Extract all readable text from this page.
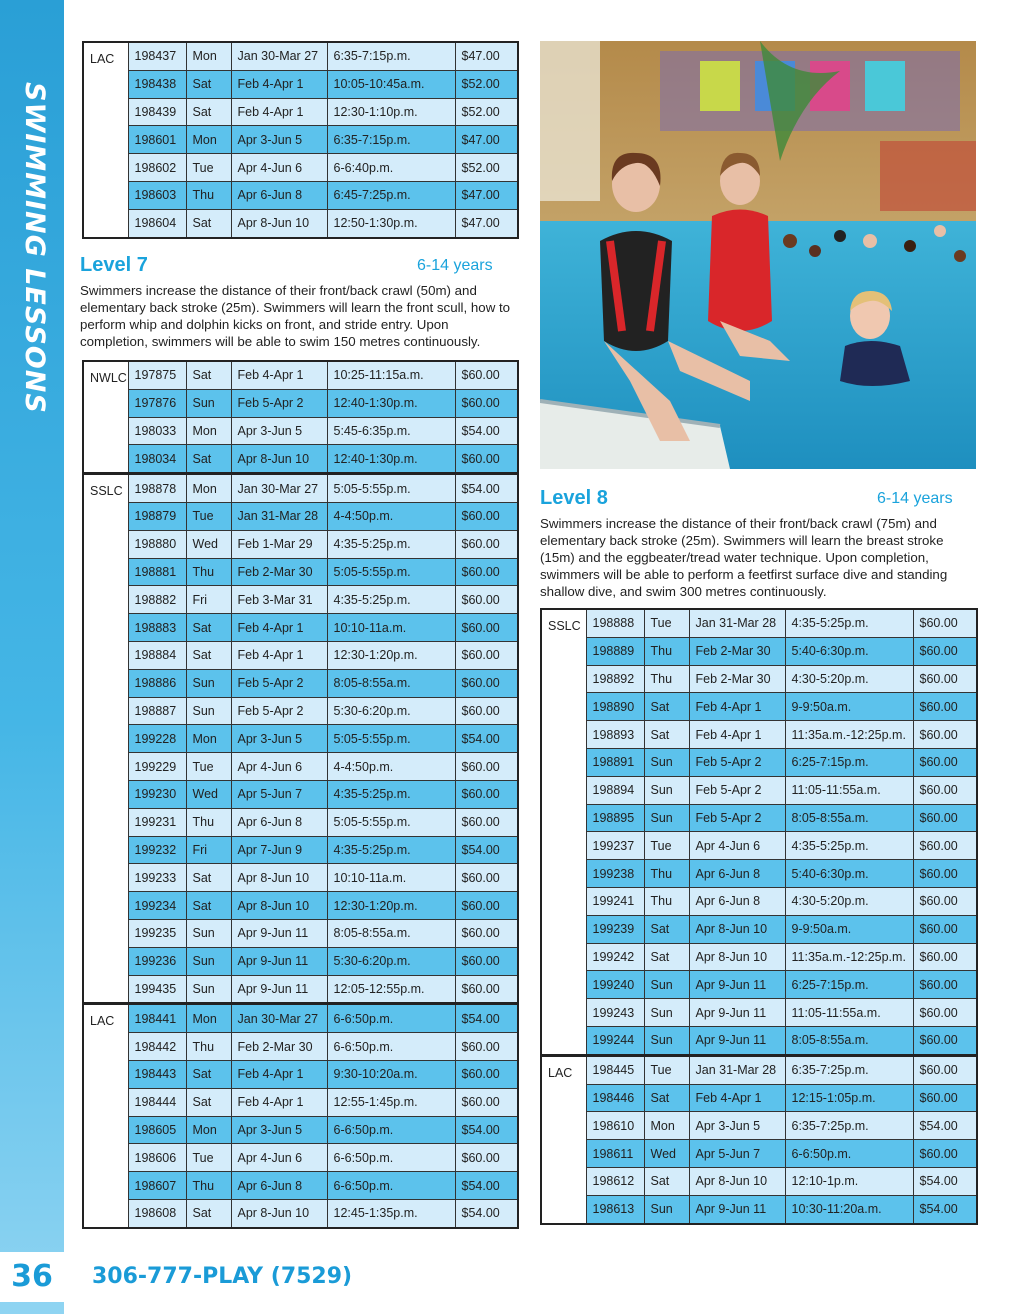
SWIMMING LESSONS
36
LAC	198437	Mon	Jan 30-Mar 27	6:35-7:15p.m.	$47.00
	198438	Sat	Feb 4-Apr 1	10:05-10:45a.m.	$52.00
	198439	Sat	Feb 4-Apr 1	12:30-1:10p.m.	$52.00
	198601	Mon	Apr 3-Jun 5	6:35-7:15p.m.	$47.00
	198602	Tue	Apr 4-Jun 6	6-6:40p.m.	$52.00
	198603	Thu	Apr 6-Jun 8	6:45-7:25p.m.	$47.00
	198604	Sat	Apr 8-Jun 10	12:50-1:30p.m.	$47.00
Level 7	6-14 years
Swimmers increase the distance of their front/back crawl (50m) and elementary back stroke (25m). Swimmers will learn the front scull, how to perform whip and dolphin kicks on front, and stride entry. Upon completion, swimmers will be able to swim 150 metres continuously.
NWLC	197875	Sat	Feb 4-Apr 1	10:25-11:15a.m.	$60.00
	197876	Sun	Feb 5-Apr 2	12:40-1:30p.m.	$60.00
	198033	Mon	Apr 3-Jun 5	5:45-6:35p.m.	$54.00
	198034	Sat	Apr 8-Jun 10	12:40-1:30p.m.	$60.00
SSLC	198878	Mon	Jan 30-Mar 27	5:05-5:55p.m.	$54.00
	198879	Tue	Jan 31-Mar 28	4-4:50p.m.	$60.00
	198880	Wed	Feb 1-Mar 29	4:35-5:25p.m.	$60.00
	198881	Thu	Feb 2-Mar 30	5:05-5:55p.m.	$60.00
	198882	Fri	Feb 3-Mar 31	4:35-5:25p.m.	$60.00
	198883	Sat	Feb 4-Apr 1	10:10-11a.m.	$60.00
	198884	Sat	Feb 4-Apr 1	12:30-1:20p.m.	$60.00
	198886	Sun	Feb 5-Apr 2	8:05-8:55a.m.	$60.00
	198887	Sun	Feb 5-Apr 2	5:30-6:20p.m.	$60.00
	199228	Mon	Apr 3-Jun 5	5:05-5:55p.m.	$54.00
	199229	Tue	Apr 4-Jun 6	4-4:50p.m.	$60.00
	199230	Wed	Apr 5-Jun 7	4:35-5:25p.m.	$60.00
	199231	Thu	Apr 6-Jun 8	5:05-5:55p.m.	$60.00
	199232	Fri	Apr 7-Jun 9	4:35-5:25p.m.	$54.00
	199233	Sat	Apr 8-Jun 10	10:10-11a.m.	$60.00
	199234	Sat	Apr 8-Jun 10	12:30-1:20p.m.	$60.00
	199235	Sun	Apr 9-Jun 11	8:05-8:55a.m.	$60.00
	199236	Sun	Apr 9-Jun 11	5:30-6:20p.m.	$60.00
	199435	Sun	Apr 9-Jun 11	12:05-12:55p.m.	$60.00
LAC	198441	Mon	Jan 30-Mar 27	6-6:50p.m.	$54.00
	198442	Thu	Feb 2-Mar 30	6-6:50p.m.	$60.00
	198443	Sat	Feb 4-Apr 1	9:30-10:20a.m.	$60.00
	198444	Sat	Feb 4-Apr 1	12:55-1:45p.m.	$60.00
	198605	Mon	Apr 3-Jun 5	6-6:50p.m.	$54.00
	198606	Tue	Apr 4-Jun 6	6-6:50p.m.	$60.00
	198607	Thu	Apr 6-Jun 8	6-6:50p.m.	$54.00
	198608	Sat	Apr 8-Jun 10	12:45-1:35p.m.	$54.00
Level 8	6-14 years
Swimmers increase the distance of their front/back crawl (75m) and elementary back stroke (25m). Swimmers will learn the breast stroke (15m) and the eggbeater/tread water technique. Upon completion, swimmers will be able to perform a feetfirst surface dive and standing shallow dive, and swim 300 metres continuously.
SSLC	198888	Tue	Jan 31-Mar 28	4:35-5:25p.m.	$60.00
	198889	Thu	Feb 2-Mar 30	5:40-6:30p.m.	$60.00
	198892	Thu	Feb 2-Mar 30	4:30-5:20p.m.	$60.00
	198890	Sat	Feb 4-Apr 1	9-9:50a.m.	$60.00
	198893	Sat	Feb 4-Apr 1	11:35a.m.-12:25p.m.	$60.00
	198891	Sun	Feb 5-Apr 2	6:25-7:15p.m.	$60.00
	198894	Sun	Feb 5-Apr 2	11:05-11:55a.m.	$60.00
	198895	Sun	Feb 5-Apr 2	8:05-8:55a.m.	$60.00
	199237	Tue	Apr 4-Jun 6	4:35-5:25p.m.	$60.00
	199238	Thu	Apr 6-Jun 8	5:40-6:30p.m.	$60.00
	199241	Thu	Apr 6-Jun 8	4:30-5:20p.m.	$60.00
	199239	Sat	Apr 8-Jun 10	9-9:50a.m.	$60.00
	199242	Sat	Apr 8-Jun 10	11:35a.m.-12:25p.m.	$60.00
	199240	Sun	Apr 9-Jun 11	6:25-7:15p.m.	$60.00
	199243	Sun	Apr 9-Jun 11	11:05-11:55a.m.	$60.00
	199244	Sun	Apr 9-Jun 11	8:05-8:55a.m.	$60.00
LAC	198445	Tue	Jan 31-Mar 28	6:35-7:25p.m.	$60.00
	198446	Sat	Feb 4-Apr 1	12:15-1:05p.m.	$60.00
	198610	Mon	Apr 3-Jun 5	6:35-7:25p.m.	$54.00
	198611	Wed	Apr 5-Jun 7	6-6:50p.m.	$60.00
	198612	Sat	Apr 8-Jun 10	12:10-1p.m.	$54.00
	198613	Sun	Apr 9-Jun 11	10:30-11:20a.m.	$54.00
306-777-PLAY (7529)
